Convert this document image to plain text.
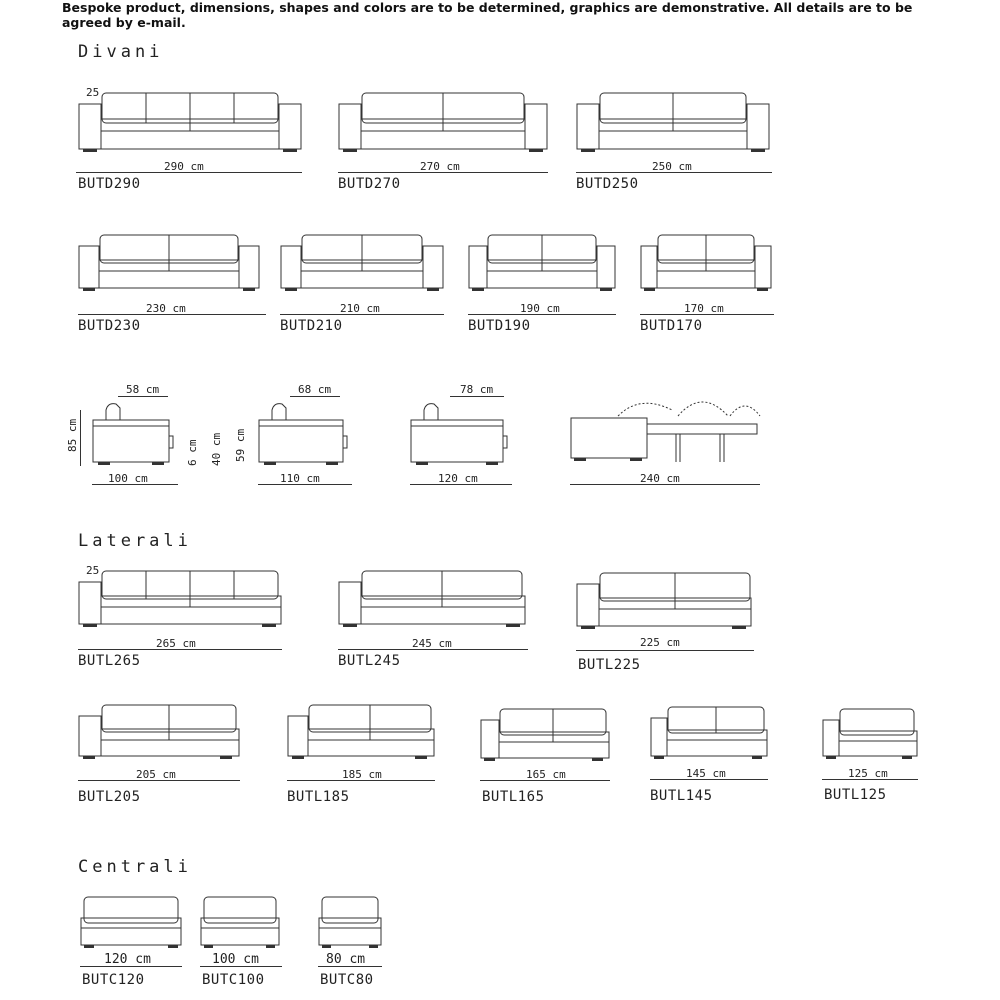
Bespoke product, dimensions, shapes and colors are to be determined, graphics are demonstrative. All details are to be agreed by e-mail.
Divani
25
290 cm
BUTD290
270 cm
BUTD270
250 cm
BUTD250
230 cm
BUTD230
210 cm
BUTD210
190 cm
BUTD190
170 cm
BUTD170
58 cm
85 cm
100 cm
6 cm 40 cm 59 cm
68 cm
110 cm
78 cm
120 cm	240 cm
Laterali
25
265 cm
BUTL265
245 cm
BUTL245
225 cm
BUTL225
205 cm
BUTL205
185 cm
BUTL185
165 cm
BUTL165
145 cm
BUTL145
125 cm
BUTL125
Centrali
120 cm
BUTC120
100 cm
BUTC100
80 cm
BUTC80
